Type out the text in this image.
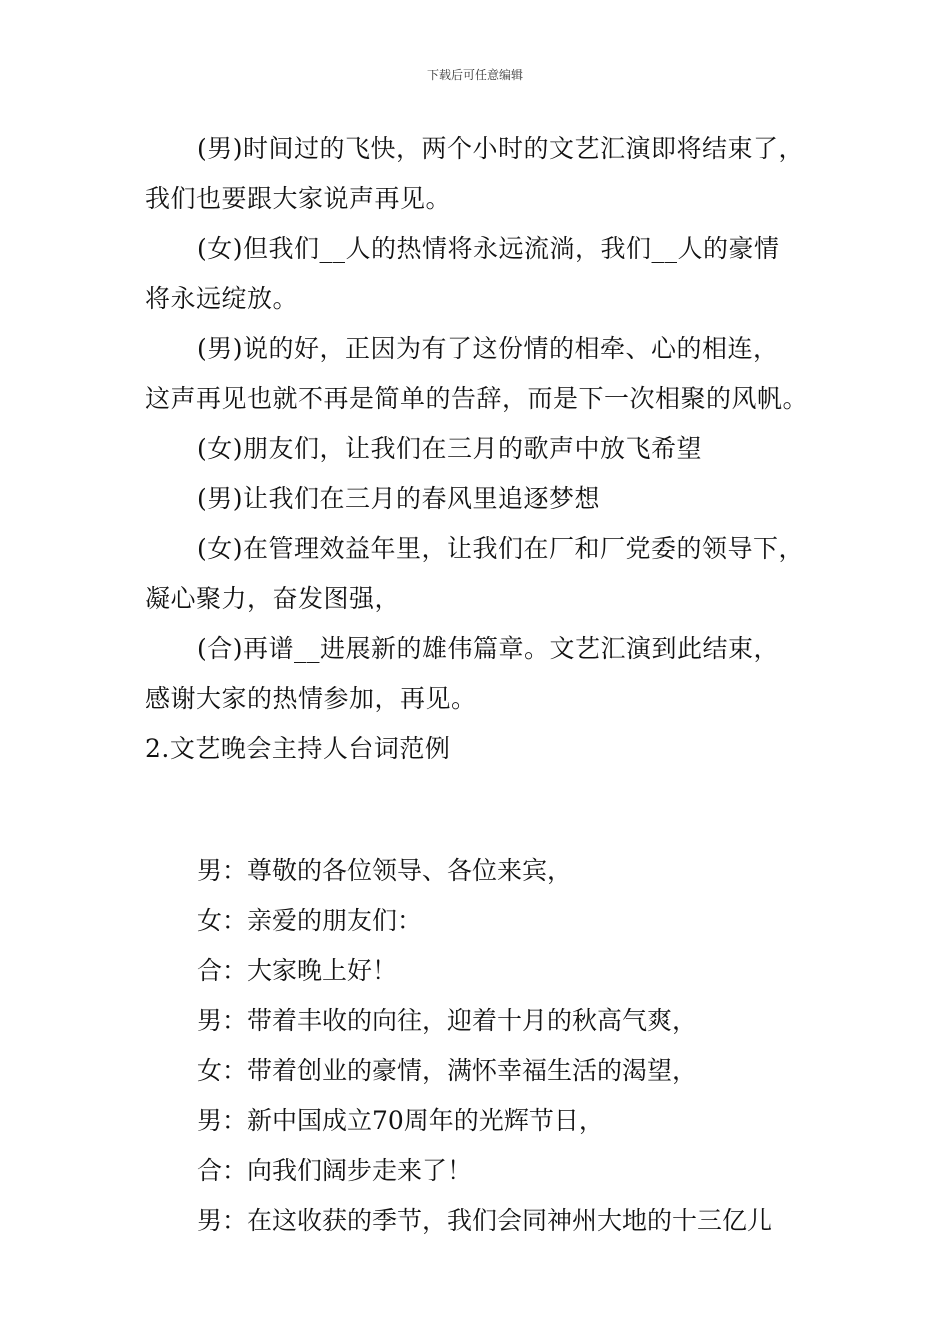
下载后可任意编辑
(男)时间过的飞快，两个小时的文艺汇演即将结束了，
我们也要跟大家说声再见。
(女)但我们__人的热情将永远流淌，我们__人的豪情
将永远绽放。
(男)说的好，正因为有了这份情的相牵、心的相连，
这声再见也就不再是简单的告辞，而是下一次相聚的风帆。
(女)朋友们，让我们在三月的歌声中放飞希望
(男)让我们在三月的春风里追逐梦想
(女)在管理效益年里，让我们在厂和厂党委的领导下，
凝心聚力，奋发图强，
(合)再谱__进展新的雄伟篇章。文艺汇演到此结束，
感谢大家的热情参加，再见。
2.文艺晚会主持人台词范例
男：尊敬的各位领导、各位来宾，
女：亲爱的朋友们：
合：大家晚上好！
男：带着丰收的向往，迎着十月的秋高气爽，
女：带着创业的豪情，满怀幸福生活的渴望，
男：新中国成立70周年的光辉节日，
合：向我们阔步走来了！
男：在这收获的季节，我们会同神州大地的十三亿儿
